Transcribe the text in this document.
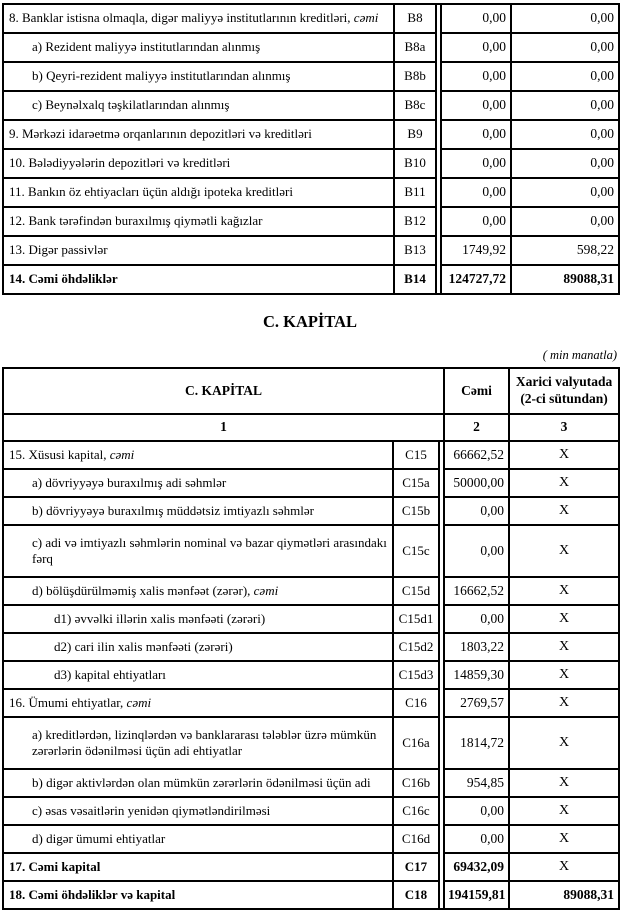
8. Banklar istisna olmaqla, digər maliyyə institutlarının kreditləri, cəmi	B8		0,00	0,00
a) Rezident maliyyə institutlarından alınmış	B8a		0,00	0,00
b) Qeyri-rezident maliyyə institutlarından alınmış	B8b		0,00	0,00
c) Beynəlxalq təşkilatlarından alınmış	B8c		0,00	0,00
9. Mərkəzi idarəetmə orqanlarının depozitləri və kreditləri	B9		0,00	0,00
10. Bələdiyyələrin depozitləri və kreditləri	B10		0,00	0,00
11. Bankın öz ehtiyacları üçün aldığı ipoteka kreditləri	B11		0,00	0,00
12. Bank tərəfindən buraxılmış qiymətli kağızlar	B12		0,00	0,00
13. Digər passivlər	B13		1749,92	598,22
14. Cəmi öhdəliklər	B14		124727,72	89088,31
C. KAPİTAL
( min manatla)
C. KAPİTAL			Cəmi	Xarici valyutada (2-ci sütundan)
1			2	3
15. Xüsusi kapital, cəmi	C15		66662,52	X
a) dövriyyəyə buraxılmış adi səhmlər	C15a		50000,00	X
b) dövriyyəyə buraxılmış müddətsiz imtiyazlı səhmlər	C15b		0,00	X
c) adi və imtiyazlı səhmlərin nominal və bazar qiymətləri arasındakı fərq	C15c		0,00	X
d) bölüşdürülməmiş xalis mənfəət (zərər), cəmi	C15d		16662,52	X
d1) əvvəlki illərin xalis mənfəəti (zərəri)	C15d1		0,00	X
d2) cari ilin xalis mənfəəti (zərəri)	C15d2		1803,22	X
d3) kapital ehtiyatları	C15d3		14859,30	X
16. Ümumi ehtiyatlar, cəmi	C16		2769,57	X
a) kreditlərdən, lizinqlərdən və banklararası tələblər üzrə mümkün zərərlərin ödənilməsi üçün adi ehtiyatlar	C16a		1814,72	X
b) digər aktivlərdən olan mümkün zərərlərin ödənilməsi üçün adi	C16b		954,85	X
c) əsas vəsaitlərin yenidən qiymətləndirilməsi	C16c		0,00	X
d) digər ümumi ehtiyatlar	C16d		0,00	X
17. Cəmi kapital	C17		69432,09	X
18. Cəmi öhdəliklər və kapital	C18		194159,81	89088,31
